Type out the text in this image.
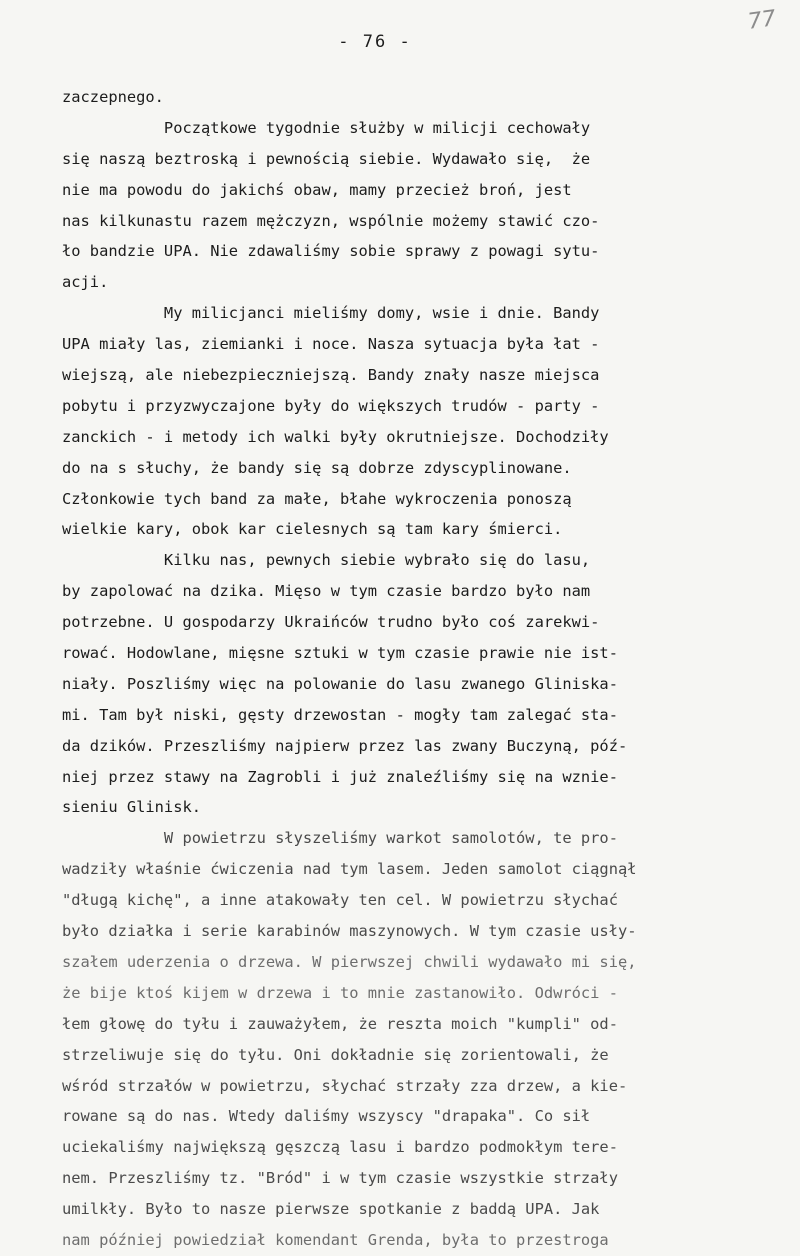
- 76 -
77
zaczepnego.
Początkowe tygodnie służby w milicji cechowały
się naszą beztroską i pewnością siebie. Wydawało się,  że
nie ma powodu do jakichś obaw, mamy przecież broń, jest
nas kilkunastu razem mężczyzn, wspólnie możemy stawić czo-
ło bandzie UPA. Nie zdawaliśmy sobie sprawy z powagi sytu-
acji.
My milicjanci mieliśmy domy, wsie i dnie. Bandy
UPA miały las, ziemianki i noce. Nasza sytuacja była łat -
wiejszą, ale niebezpieczniejszą. Bandy znały nasze miejsca
pobytu i przyzwyczajone były do większych trudów - party -
zanckich - i metody ich walki były okrutniejsze. Dochodziły
do na s słuchy, że bandy się są dobrze zdyscyplinowane.
Członkowie tych band za małe, błahe wykroczenia ponoszą
wielkie kary, obok kar cielesnych są tam kary śmierci.
Kilku nas, pewnych siebie wybrało się do lasu,
by zapolować na dzika. Mięso w tym czasie bardzo było nam
potrzebne. U gospodarzy Ukraińców trudno było coś zarekwi-
rować. Hodowlane, mięsne sztuki w tym czasie prawie nie ist-
niały. Poszliśmy więc na polowanie do lasu zwanego Gliniska-
mi. Tam był niski, gęsty drzewostan - mogły tam zalegać sta-
da dzików. Przeszliśmy najpierw przez las zwany Buczyną, póź-
niej przez stawy na Zagrobli i już znaleźliśmy się na wznie-
sieniu Glinisk.
W powietrzu słyszeliśmy warkot samolotów, te pro-
wadziły właśnie ćwiczenia nad tym lasem. Jeden samolot ciągnął
"długą kichę", a inne atakowały ten cel. W powietrzu słychać
było działka i serie karabinów maszynowych. W tym czasie usły-
szałem uderzenia o drzewa. W pierwszej chwili wydawało mi się,
że bije ktoś kijem w drzewa i to mnie zastanowiło. Odwróci -
łem głowę do tyłu i zauważyłem, że reszta moich "kumpli" od-
strzeliwuje się do tyłu. Oni dokładnie się zorientowali, że
wśród strzałów w powietrzu, słychać strzały zza drzew, a kie-
rowane są do nas. Wtedy daliśmy wszyscy "drapaka". Co sił
uciekaliśmy największą gęszczą lasu i bardzo podmokłym tere-
nem. Przeszliśmy tz. "Bród" i w tym czasie wszystkie strzały
umilkły. Było to nasze pierwsze spotkanie z baddą UPA. Jak
nam później powiedział komendant Grenda, była to przestroga
